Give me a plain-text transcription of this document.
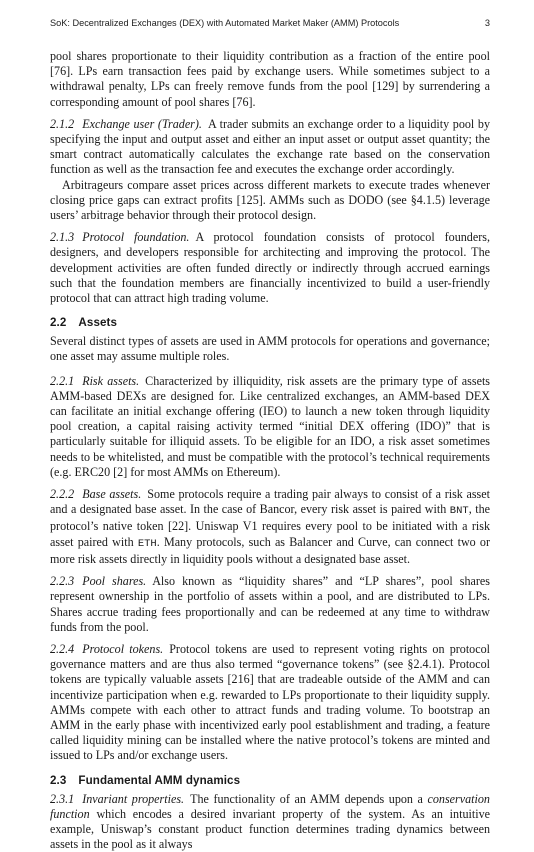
SoK: Decentralized Exchanges (DEX) with Automated Market Maker (AMM) Protocols	3

pool shares proportionate to their liquidity contribution as a fraction of the entire pool [76]. LPs earn transaction fees paid by exchange users. While sometimes subject to a withdrawal penalty, LPs can freely remove funds from the pool [129] by surrendering a corresponding amount of pool shares [76].

2.1.2 Exchange user (Trader). A trader submits an exchange order to a liquidity pool by specifying the input and output asset and either an input asset or output asset quantity; the smart contract automatically calculates the exchange rate based on the conservation function as well as the transaction fee and executes the exchange order accordingly.

Arbitrageurs compare asset prices across different markets to execute trades whenever closing price gaps can extract profits [125]. AMMs such as DODO (see §4.1.5) leverage users’ arbitrage behavior through their protocol design.

2.1.3 Protocol foundation. A protocol foundation consists of protocol founders, designers, and developers responsible for architecting and improving the protocol. The development activities are often funded directly or indirectly through accrued earnings such that the foundation members are financially incentivized to build a user-friendly protocol that can attract high trading volume.

2.2 Assets

Several distinct types of assets are used in AMM protocols for operations and governance; one asset may assume multiple roles.

2.2.1 Risk assets. Characterized by illiquidity, risk assets are the primary type of assets AMM-based DEXs are designed for. Like centralized exchanges, an AMM-based DEX can facilitate an initial exchange offering (IEO) to launch a new token through liquidity pool creation, a capital raising activity termed “initial DEX offering (IDO)” that is particularly suitable for illiquid assets. To be eligible for an IDO, a risk asset sometimes needs to be whitelisted, and must be compatible with the protocol’s technical requirements (e.g. ERC20 [2] for most AMMs on Ethereum).

2.2.2 Base assets. Some protocols require a trading pair always to consist of a risk asset and a designated base asset. In the case of Bancor, every risk asset is paired with BNT, the protocol’s native token [22]. Uniswap V1 requires every pool to be initiated with a risk asset paired with ETH. Many protocols, such as Balancer and Curve, can connect two or more risk assets directly in liquidity pools without a designated base asset.

2.2.3 Pool shares. Also known as “liquidity shares” and “LP shares”, pool shares represent ownership in the portfolio of assets within a pool, and are distributed to LPs. Shares accrue trading fees proportionally and can be redeemed at any time to withdraw funds from the pool.

2.2.4 Protocol tokens. Protocol tokens are used to represent voting rights on protocol governance matters and are thus also termed “governance tokens” (see §2.4.1). Protocol tokens are typically valuable assets [216] that are tradeable outside of the AMM and can incentivize participation when e.g. rewarded to LPs proportionate to their liquidity supply. AMMs compete with each other to attract funds and trading volume. To bootstrap an AMM in the early phase with incentivized early pool establishment and trading, a feature called liquidity mining can be installed where the native protocol’s tokens are minted and issued to LPs and/or exchange users.

2.3 Fundamental AMM dynamics

2.3.1 Invariant properties. The functionality of an AMM depends upon a conservation function which encodes a desired invariant property of the system. As an intuitive example, Uniswap’s constant product function determines trading dynamics between assets in the pool as it always
